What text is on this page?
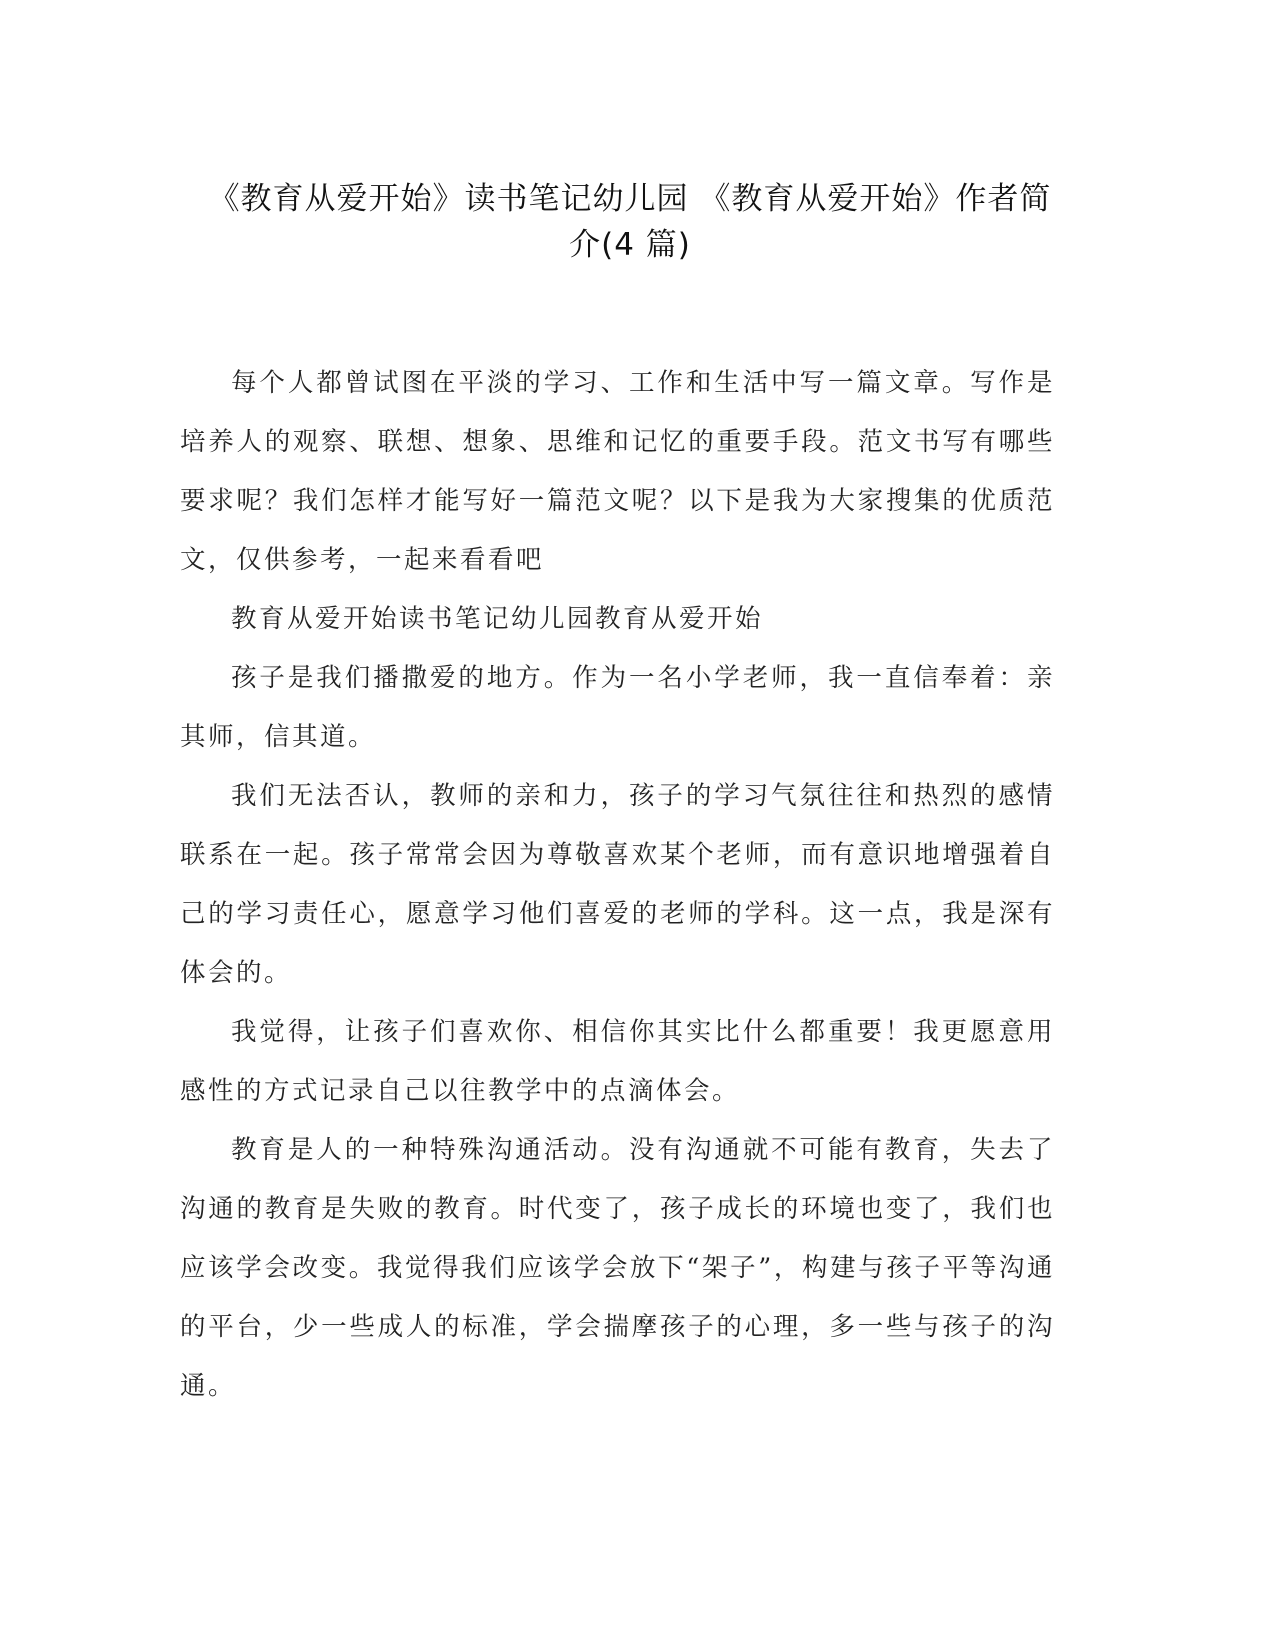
《教育从爱开始》读书笔记幼儿园 《教育从爱开始》作者简
介(4 篇)

每个人都曾试图在平淡的学习、工作和生活中写一篇文章。写作是培养人的观察、联想、想象、思维和记忆的重要手段。范文书写有哪些要求呢？我们怎样才能写好一篇范文呢？以下是我为大家搜集的优质范文，仅供参考，一起来看看吧

教育从爱开始读书笔记幼儿园教育从爱开始

孩子是我们播撒爱的地方。作为一名小学老师，我一直信奉着：亲其师，信其道。

我们无法否认，教师的亲和力，孩子的学习气氛往往和热烈的感情联系在一起。孩子常常会因为尊敬喜欢某个老师，而有意识地增强着自己的学习责任心，愿意学习他们喜爱的老师的学科。这一点，我是深有体会的。

我觉得，让孩子们喜欢你、相信你其实比什么都重要！我更愿意用感性的方式记录自己以往教学中的点滴体会。

教育是人的一种特殊沟通活动。没有沟通就不可能有教育，失去了沟通的教育是失败的教育。时代变了，孩子成长的环境也变了，我们也应该学会改变。我觉得我们应该学会放下“架子”，构建与孩子平等沟通的平台，少一些成人的标准，学会揣摩孩子的心理，多一些与孩子的沟通。
